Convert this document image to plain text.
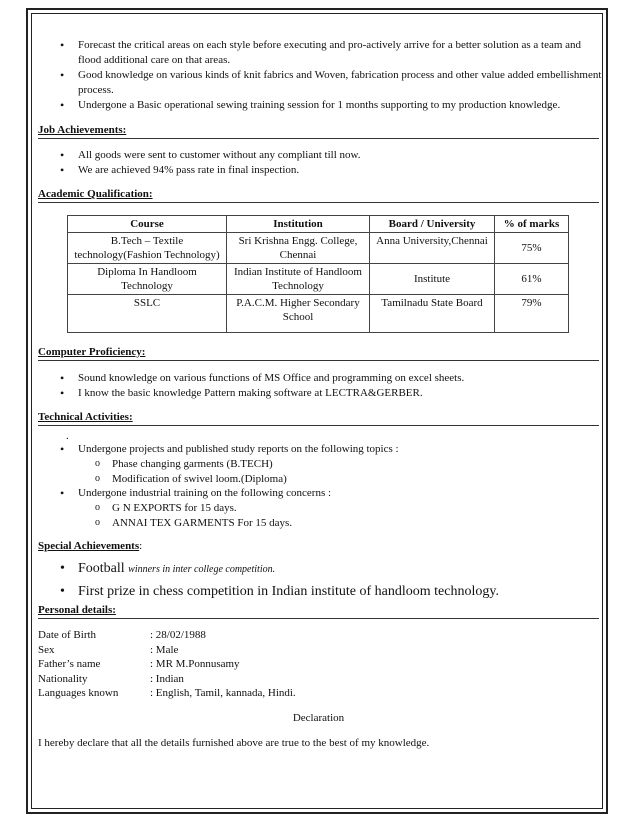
• Forecast the critical areas on each style before executing and pro-actively arrive for a better solution as a team and flood additional care on that areas.
• Good knowledge on various kinds of knit fabrics and Woven, fabrication process and other value added embellishment process.
• Undergone a Basic operational sewing training session for 1 months supporting to my production knowledge.
Job Achievements:
• All goods were sent to customer without any compliant till now.
• We are achieved 94% pass rate in final inspection.
Academic Qualification:
Course	Institution	Board / University	% of marks
B.Tech – Textile technology(Fashion Technology)	Sri Krishna Engg. College, Chennai	Anna University,Chennai	75%
Diploma In Handloom Technology	Indian Institute of Handloom Technology	Institute	61%
SSLC	P.A.C.M. Higher Secondary School	Tamilnadu State Board	79%
Computer Proficiency:
• Sound knowledge on various functions of MS Office and programming on excel sheets.
• I know the basic knowledge Pattern making software at LECTRA&GERBER.
Technical Activities:
.
• Undergone projects and published study reports on the following topics :
o Phase changing garments (B.TECH)
o Modification of swivel loom.(Diploma)
• Undergone industrial training on the following concerns :
o G N EXPORTS for 15 days.
o ANNAI TEX GARMENTS For 15 days.
Special Achievements:
• Football winners in inter college competition.
• First prize in chess competition in Indian institute of handloom technology.
Personal details:
Date of Birth	: 28/02/1988
Sex	: Male
Father’s name	: MR M.Ponnusamy
Nationality	: Indian
Languages known	: English, Tamil, kannada, Hindi.
Declaration
I hereby declare that all the details furnished above are true to the best of my knowledge.
